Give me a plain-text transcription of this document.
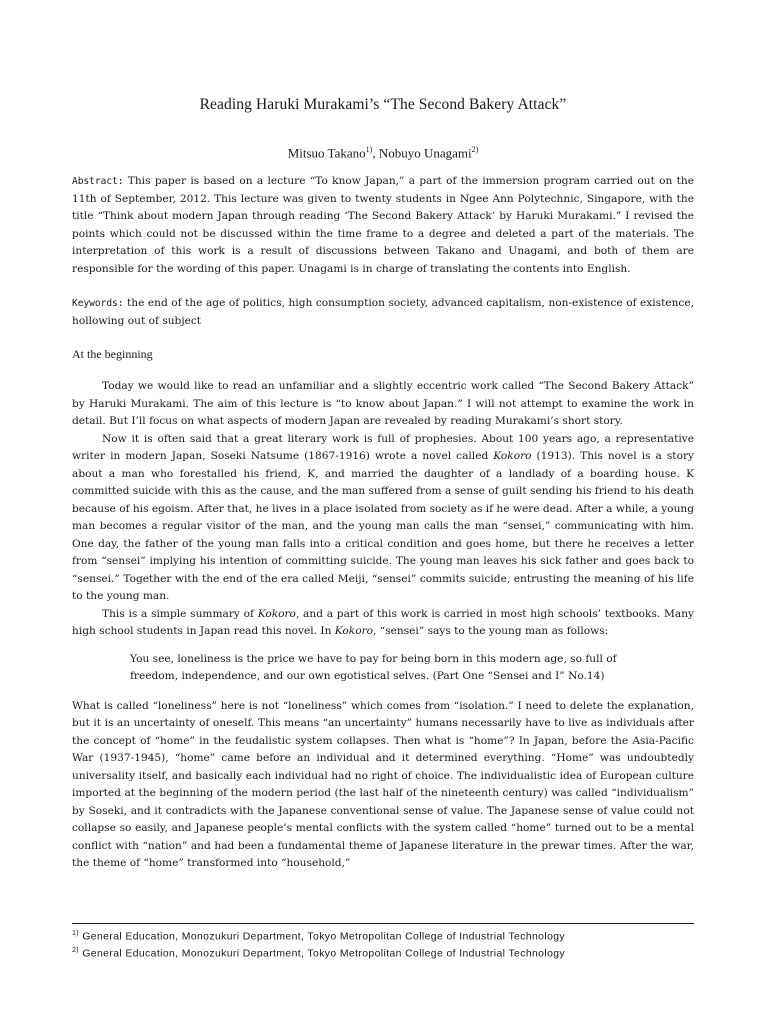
Reading Haruki Murakami’s “The Second Bakery Attack”
Mitsuo Takano$^{1)}$, Nobuyo Unagami$^{2)}$

Abstract: This paper is based on a lecture “To know Japan,” a part of the immersion program carried out on the 11th of September, 2012. This lecture was given to twenty students in Ngee Ann Polytechnic, Singapore, with the title “Think about modern Japan through reading ‘The Second Bakery Attack’ by Haruki Murakami.” I revised the points which could not be discussed within the time frame to a degree and deleted a part of the materials. The interpretation of this work is a result of discussions between Takano and Unagami, and both of them are responsible for the wording of this paper. Unagami is in charge of translating the contents into English.

Keywords: the end of the age of politics, high consumption society, advanced capitalism, non-existence of existence, hollowing out of subject

At the beginning

Today we would like to read an unfamiliar and a slightly eccentric work called “The Second Bakery Attack” by Haruki Murakami. The aim of this lecture is “to know about Japan.” I will not attempt to examine the work in detail. But I’ll focus on what aspects of modern Japan are revealed by reading Murakami’s short story.

Now it is often said that a great literary work is full of prophesies. About 100 years ago, a representative writer in modern Japan, Soseki Natsume (1867-1916) wrote a novel called Kokoro (1913). This novel is a story about a man who forestalled his friend, K, and married the daughter of a landlady of a boarding house. K committed suicide with this as the cause, and the man suffered from a sense of guilt sending his friend to his death because of his egoism. After that, he lives in a place isolated from society as if he were dead. After a while, a young man becomes a regular visitor of the man, and the young man calls the man “sensei,” communicating with him. One day, the father of the young man falls into a critical condition and goes home, but there he receives a letter from “sensei” implying his intention of committing suicide. The young man leaves his sick father and goes back to “sensei.” Together with the end of the era called Meiji, “sensei” commits suicide, entrusting the meaning of his life to the young man.

This is a simple summary of Kokoro, and a part of this work is carried in most high schools’ textbooks. Many high school students in Japan read this novel. In Kokoro, “sensei” says to the young man as follows:

You see, loneliness is the price we have to pay for being born in this modern age, so full of freedom, independence, and our own egotistical selves. (Part One “Sensei and I” No.14)

What is called “loneliness” here is not “loneliness” which comes from “isolation.” I need to delete the explanation, but it is an uncertainty of oneself. This means “an uncertainty” humans necessarily have to live as individuals after the concept of “home” in the feudalistic system collapses. Then what is “home”? In Japan, before the Asia-Pacific War (1937-1945), “home” came before an individual and it determined everything. “Home” was undoubtedly universality itself, and basically each individual had no right of choice. The individualistic idea of European culture imported at the beginning of the modern period (the last half of the nineteenth century) was called “individualism” by Soseki, and it contradicts with the Japanese conventional sense of value. The Japanese sense of value could not collapse so easily, and Japanese people’s mental conflicts with the system called “home” turned out to be a mental conflict with “nation” and had been a fundamental theme of Japanese literature in the prewar times. After the war, the theme of “home” transformed into “household,”

$^{1)}$ General Education, Monozukuri Department, Tokyo Metropolitan College of Industrial Technology
$^{2)}$ General Education, Monozukuri Department, Tokyo Metropolitan College of Industrial Technology
